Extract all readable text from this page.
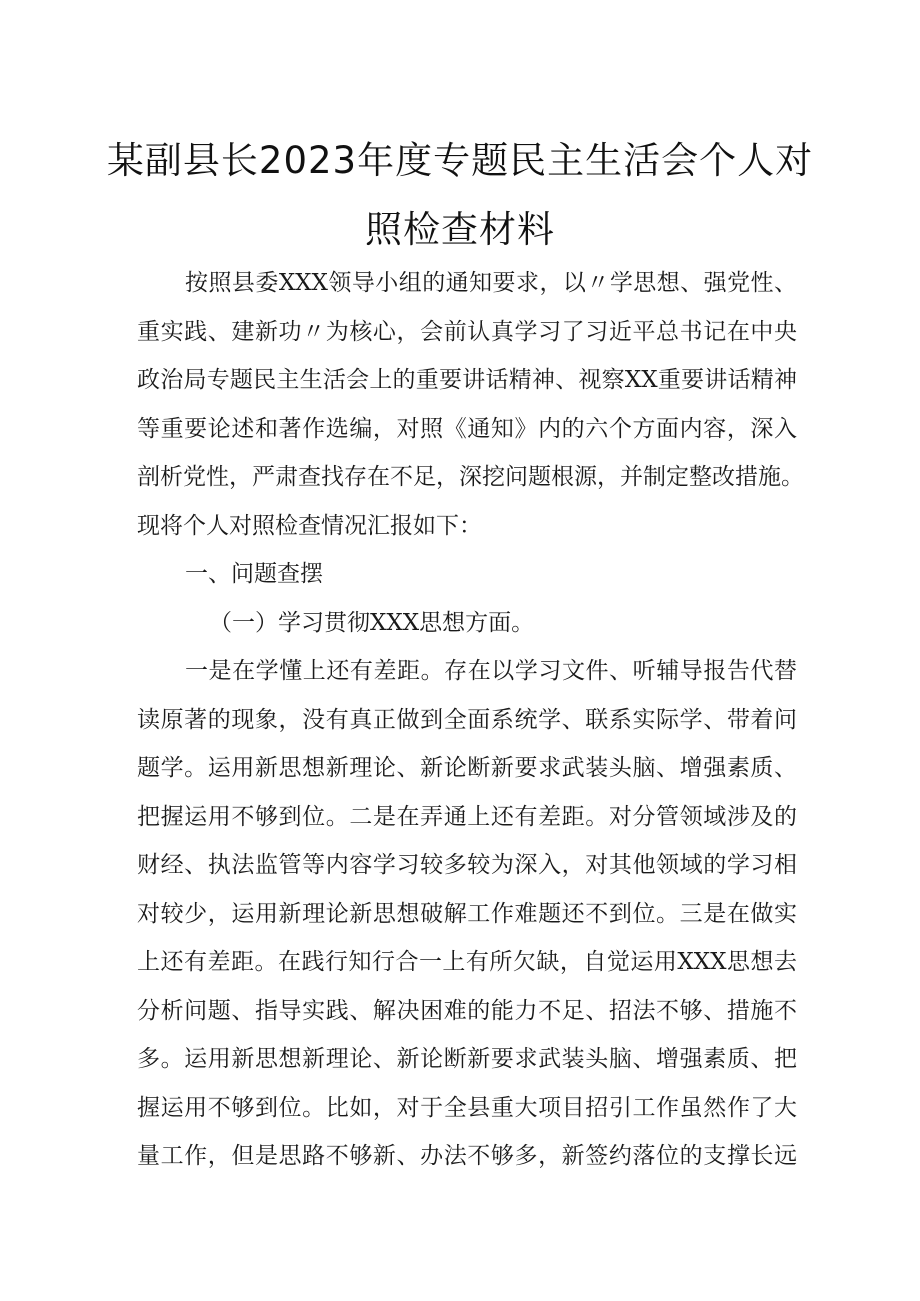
某副县长2023年度专题民主生活会个人对
照检查材料
按照县委XXX领导小组的通知要求，以〃学思想、强党性、
重实践、建新功〃为核心，会前认真学习了习近平总书记在中央
政治局专题民主生活会上的重要讲话精神、视察XX重要讲话精神
等重要论述和著作选编，对照《通知》内的六个方面内容，深入
剖析党性，严肃查找存在不足，深挖问题根源，并制定整改措施。
现将个人对照检查情况汇报如下：
一、问题查摆
（一）学习贯彻XXX思想方面。
一是在学懂上还有差距。存在以学习文件、听辅导报告代替
读原著的现象，没有真正做到全面系统学、联系实际学、带着问
题学。运用新思想新理论、新论断新要求武装头脑、增强素质、
把握运用不够到位。二是在弄通上还有差距。对分管领域涉及的
财经、执法监管等内容学习较多较为深入，对其他领域的学习相
对较少，运用新理论新思想破解工作难题还不到位。三是在做实
上还有差距。在践行知行合一上有所欠缺，自觉运用XXX思想去
分析问题、指导实践、解决困难的能力不足、招法不够、措施不
多。运用新思想新理论、新论断新要求武装头脑、增强素质、把
握运用不够到位。比如，对于全县重大项目招引工作虽然作了大
量工作，但是思路不够新、办法不够多，新签约落位的支撑长远
